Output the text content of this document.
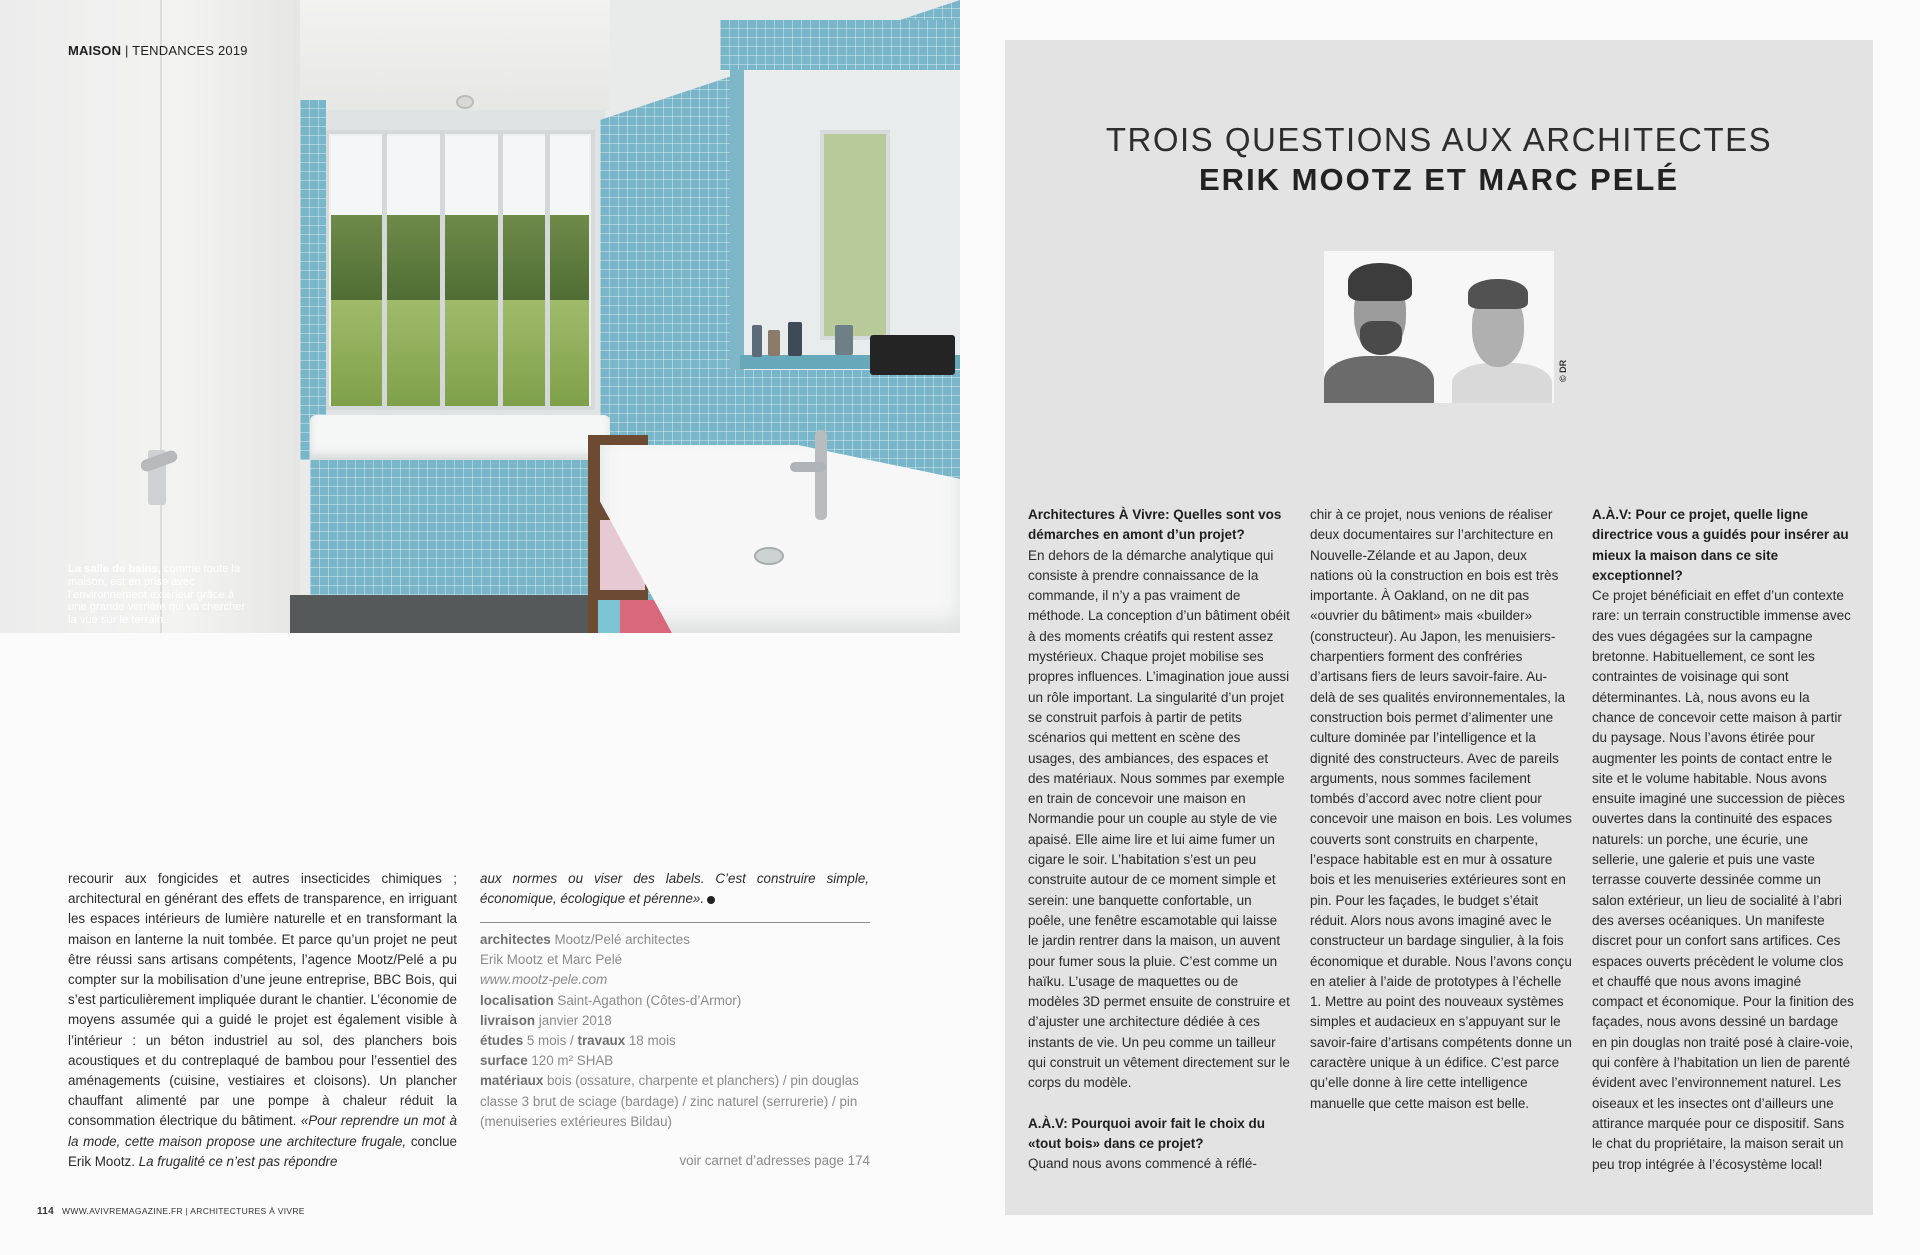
MAISON | TENDANCES 2019
114 WWW.AVIVREMAGAZINE.FR | ARCHITECTURES À VIVRE
La salle de bains, comme toute la maison, est en prise avec l’environnement extérieur grâce à une grande verrière qui va chercher la vue sur le terrain.
recourir aux fongicides et autres insecticides chimiques ; architectural en générant des effets de transparence, en irriguant les espaces intérieurs de lumière naturelle et en transformant la maison en lanterne la nuit tombée. Et parce qu’un projet ne peut être réussi sans artisans compétents, l’agence Mootz/Pelé a pu compter sur la mobilisation d’une jeune entreprise, BBC Bois, qui s’est particulièrement impliquée durant le chantier. L’économie de moyens assumée qui a guidé le projet est également visible à l’intérieur : un béton industriel au sol, des planchers bois acoustiques et du contreplaqué de bambou pour l’essentiel des aménagements (cuisine, vestiaires et cloisons). Un plancher chauffant alimenté par une pompe à chaleur réduit la consommation électrique du bâtiment. «Pour reprendre un mot à la mode, cette maison propose une architecture frugale, conclue Erik Mootz. La frugalité ce n’est pas répondre
aux normes ou viser des labels. C’est construire simple, économique, écologique et pérenne».
architectes Mootz/Pelé architectes
Erik Mootz et Marc Pelé
www.mootz-pele.com
localisation Saint-Agathon (Côtes-d’Armor)
livraison janvier 2018
études 5 mois / travaux 18 mois
surface 120 m² SHAB
matériaux bois (ossature, charpente et planchers) / pin douglas classe 3 brut de sciage (bardage) / zinc naturel (serrurerie) / pin (menuiseries extérieures Bildau)
voir carnet d’adresses page 174
TROIS QUESTIONS AUX ARCHITECTES
ERIK MOOTZ ET MARC PELÉ
© DR

Architectures À Vivre: Quelles sont vos démarches en amont d’un projet?

En dehors de la démarche analytique qui consiste à prendre connaissance de la commande, il n’y a pas vraiment de méthode. La conception d’un bâtiment obéit à des moments créatifs qui restent assez mystérieux. Chaque projet mobilise ses propres influences. L’imagination joue aussi un rôle important. La singularité d’un projet se construit parfois à partir de petits scénarios qui mettent en scène des usages, des ambiances, des espaces et des matériaux. Nous sommes par exemple en train de concevoir une maison en Normandie pour un couple au style de vie apaisé. Elle aime lire et lui aime fumer un cigare le soir. L’habitation s’est un peu construite autour de ce moment simple et serein: une banquette confortable, un poêle, une fenêtre escamotable qui laisse le jardin rentrer dans la maison, un auvent pour fumer sous la pluie. C’est comme un haïku. L’usage de maquettes ou de modèles 3D permet ensuite de construire et d’ajuster une architecture dédiée à ces instants de vie. Un peu comme un tailleur qui construit un vêtement directement sur le corps du modèle.

A.À.V: Pourquoi avoir fait le choix du «tout bois» dans ce projet?

Quand nous avons commencé à réflé-

chir à ce projet, nous venions de réaliser deux documentaires sur l’architecture en Nouvelle-Zélande et au Japon, deux nations où la construction en bois est très importante. À Oakland, on ne dit pas «ouvrier du bâtiment» mais «builder» (constructeur). Au Japon, les menuisiers-charpentiers forment des confréries d’artisans fiers de leurs savoir-faire. Au-delà de ses qualités environnementales, la construction bois permet d’alimenter une culture dominée par l’intelligence et la dignité des constructeurs. Avec de pareils arguments, nous sommes facilement tombés d’accord avec notre client pour concevoir une maison en bois. Les volumes couverts sont construits en charpente, l’espace habitable est en mur à ossature bois et les menuiseries extérieures sont en pin. Pour les façades, le budget s’était réduit. Alors nous avons imaginé avec le constructeur un bardage singulier, à la fois économique et durable. Nous l’avons conçu en atelier à l’aide de prototypes à l’échelle 1. Mettre au point des nouveaux systèmes simples et audacieux en s’appuyant sur le savoir-faire d’artisans compétents donne un caractère unique à un édifice. C’est parce qu’elle donne à lire cette intelligence manuelle que cette maison est belle.

A.À.V: Pour ce projet, quelle ligne directrice vous a guidés pour insérer au mieux la maison dans ce site exceptionnel?

Ce projet bénéficiait en effet d’un contexte rare: un terrain constructible immense avec des vues dégagées sur la campagne bretonne. Habituellement, ce sont les contraintes de voisinage qui sont déterminantes. Là, nous avons eu la chance de concevoir cette maison à partir du paysage. Nous l’avons étirée pour augmenter les points de contact entre le site et le volume habitable. Nous avons ensuite imaginé une succession de pièces ouvertes dans la continuité des espaces naturels: un porche, une écurie, une sellerie, une galerie et puis une vaste terrasse couverte dessinée comme un salon extérieur, un lieu de socialité à l’abri des averses océaniques. Un manifeste discret pour un confort sans artifices. Ces espaces ouverts précèdent le volume clos et chauffé que nous avons imaginé compact et économique. Pour la finition des façades, nous avons dessiné un bardage en pin douglas non traité posé à claire-voie, qui confère à l’habitation un lien de parenté évident avec l’environnement naturel. Les oiseaux et les insectes ont d’ailleurs une attirance marquée pour ce dispositif. Sans le chat du propriétaire, la maison serait un peu trop intégrée à l’écosystème local!
